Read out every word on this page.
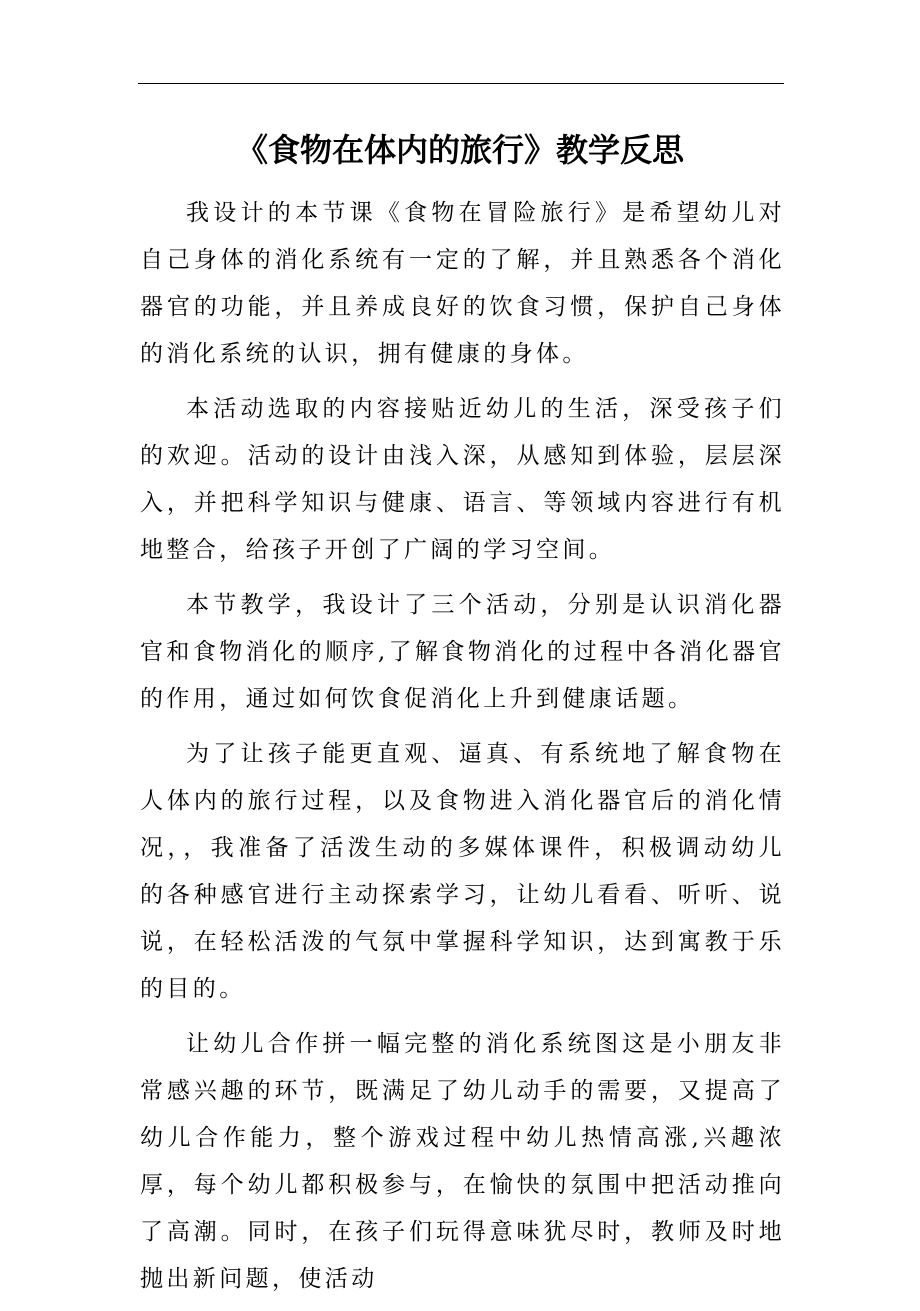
《食物在体内的旅行》教学反思

我设计的本节课《食物在冒险旅行》是希望幼儿对自己身体的消化系统有一定的了解，并且熟悉各个消化器官的功能，并且养成良好的饮食习惯，保护自己身体的消化系统的认识，拥有健康的身体。

本活动选取的内容接贴近幼儿的生活，深受孩子们的欢迎。活动的设计由浅入深，从感知到体验，层层深入，并把科学知识与健康、语言、等领域内容进行有机地整合，给孩子开创了广阔的学习空间。

本节教学，我设计了三个活动，分别是认识消化器官和食物消化的顺序,了解食物消化的过程中各消化器官的作用，通过如何饮食促消化上升到健康话题。

为了让孩子能更直观、逼真、有系统地了解食物在人体内的旅行过程，以及食物进入消化器官后的消化情况，，我准备了活泼生动的多媒体课件，积极调动幼儿的各种感官进行主动探索学习，让幼儿看看、听听、说说，在轻松活泼的气氛中掌握科学知识，达到寓教于乐的目的。

让幼儿合作拼一幅完整的消化系统图这是小朋友非常感兴趣的环节，既满足了幼儿动手的需要，又提高了幼儿合作能力，整个游戏过程中幼儿热情高涨,兴趣浓厚，每个幼儿都积极参与，在愉快的氛围中把活动推向了高潮。同时，在孩子们玩得意味犹尽时，教师及时地抛出新问题，使活动
